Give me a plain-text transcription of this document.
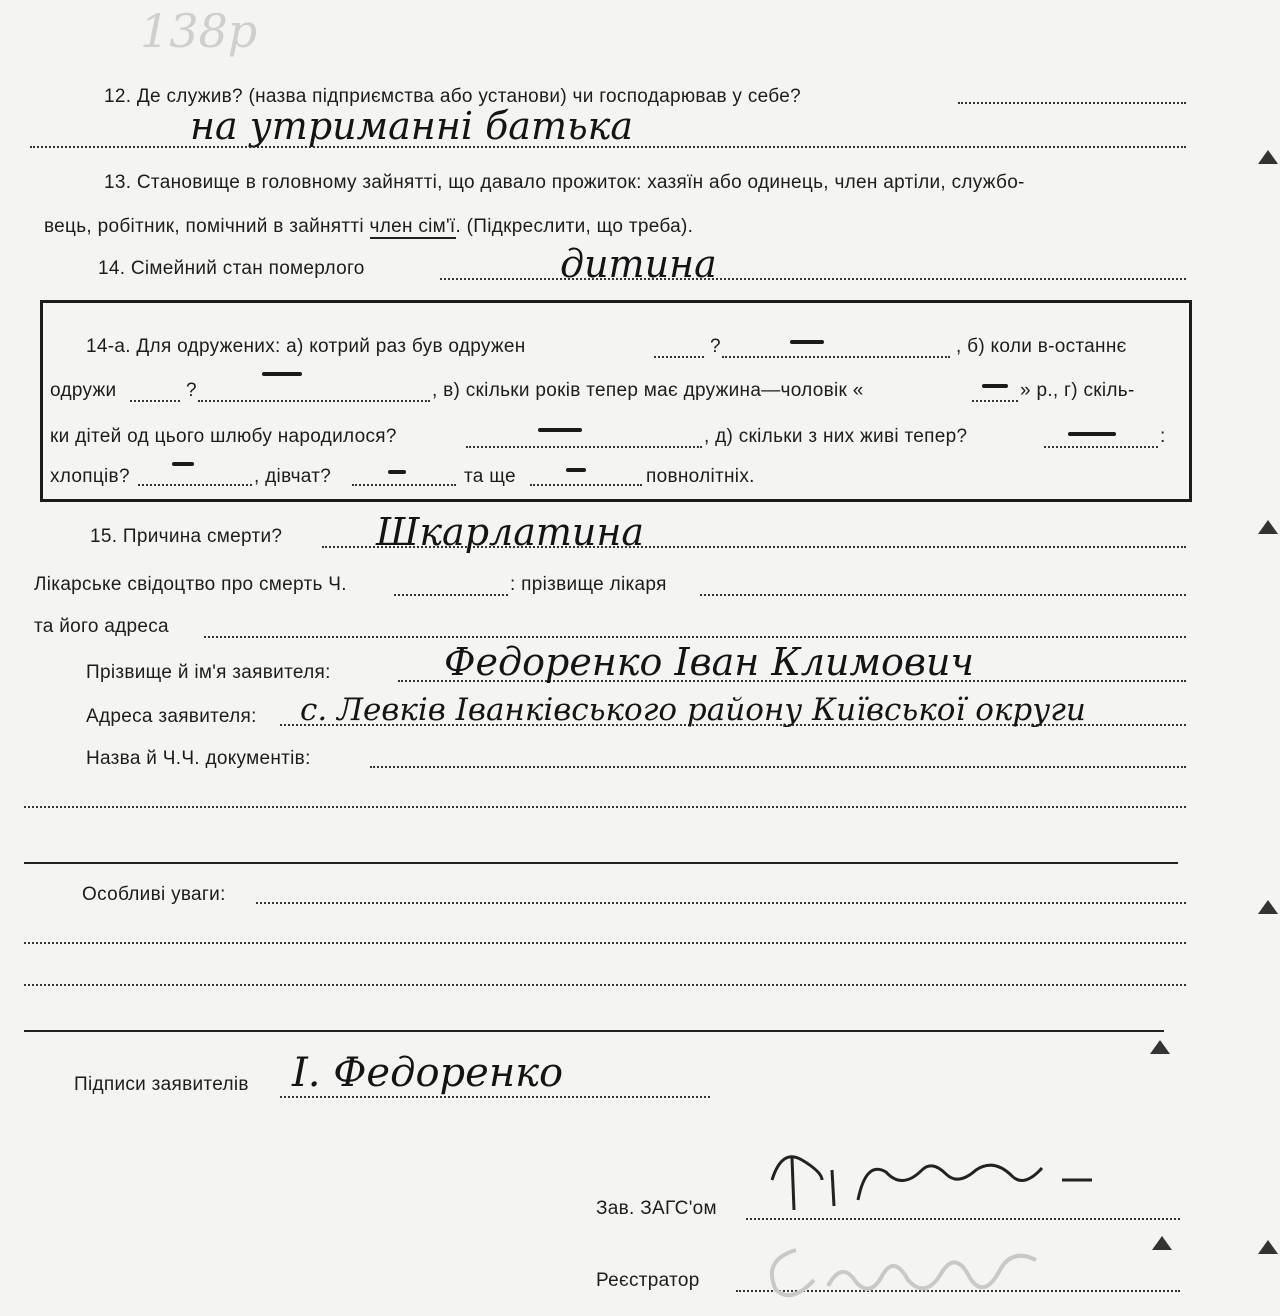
138р
12. Де служив? (назва підприємства або установи) чи господарював у себе?
на утриманні батька
13. Становище в головному зайнятті, що давало прожиток: хазяїн або одинець, член артіли, службо-
вець, робітник, помічний в зайнятті член сім'ї. (Підкреслити, що треба).
14. Сімейний стан померлого	дитина
14-а. Для одружених: а) котрий раз був одружен	?	, б) коли в-останнє
одружи	?	, в) скільки років тепер має дружина—чоловік «	» р., г) скіль-
ки дітей од цього шлюбу народилося?	, д) скільки з них живі тепер?	:
хлопців?	, дівчат?	та ще	повнолітніх.
15. Причина смерти? Шкарлатина
Лікарське свідоцтво про смерть Ч.	: прізвище лікаря
та його адреса
Прізвище й ім'я заявителя:	Федоренко Іван Климович
Адреса заявителя: с. Левків Іванківського району Київської округи
Назва й Ч.Ч. документів:
Особливі уваги:
Підписи заявителів І. Федоренко
Зав. ЗАГС'ом
Реєстратор
